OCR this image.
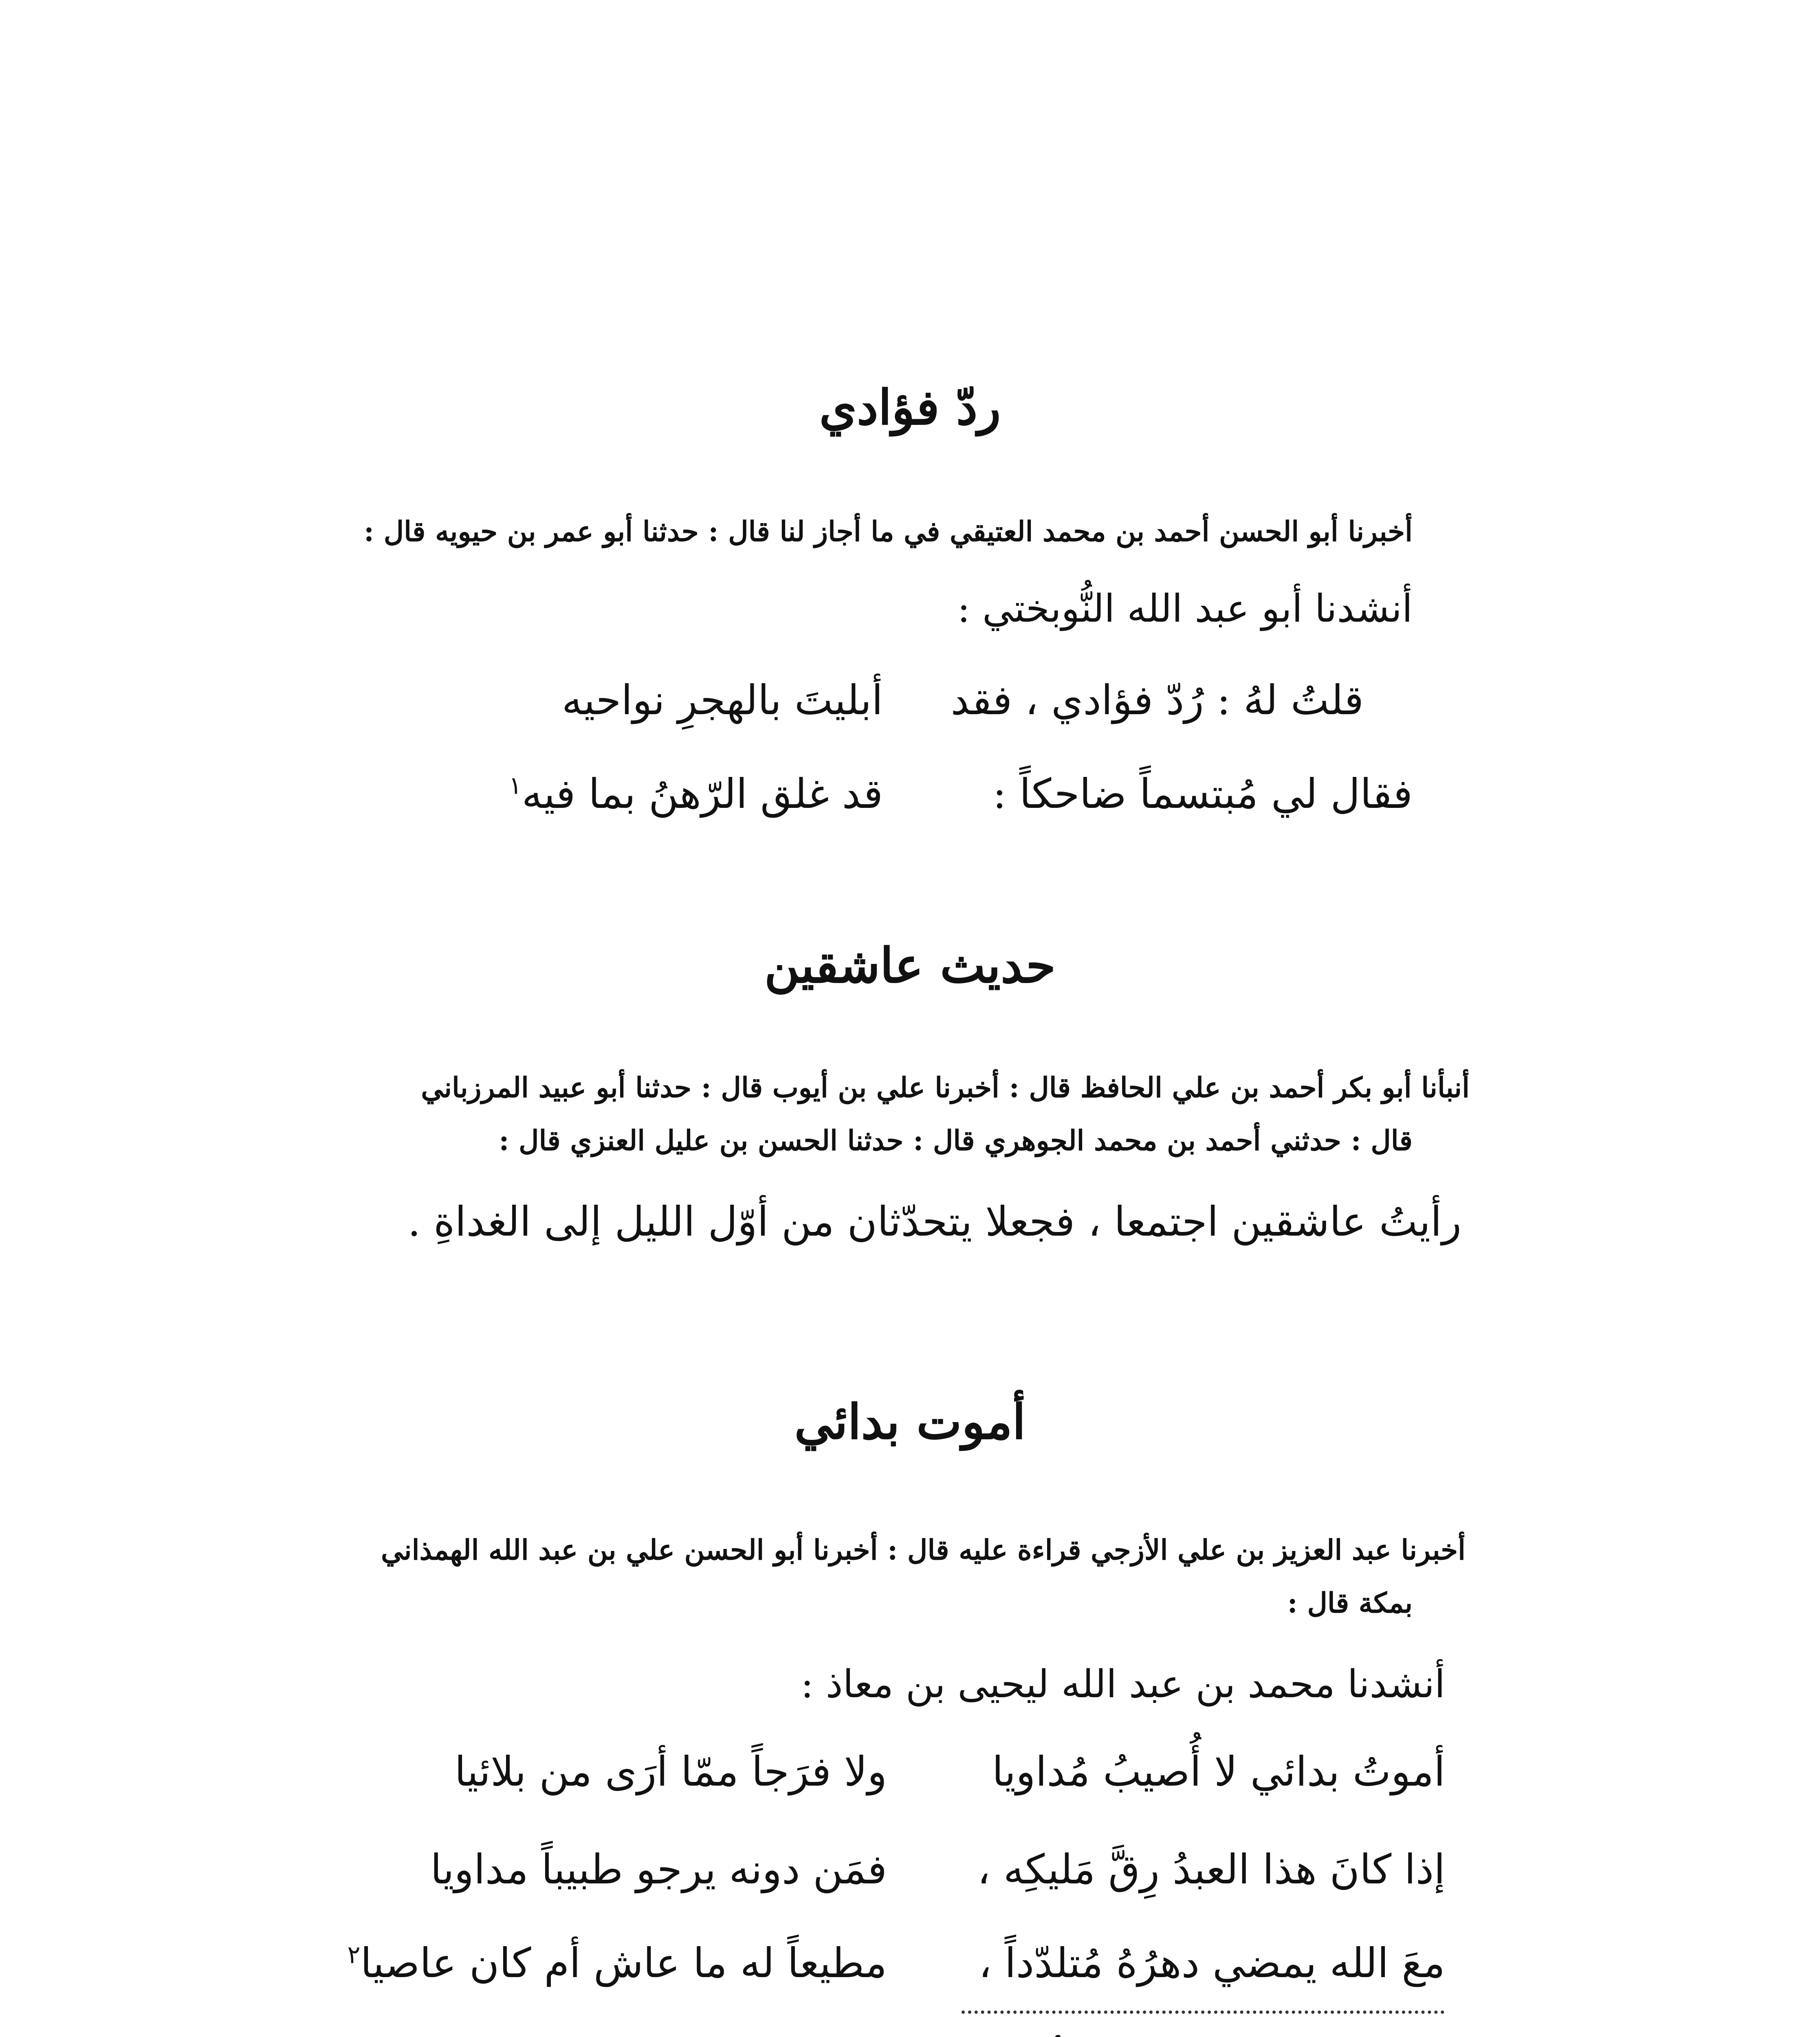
ردّ فؤادي
أخبرنا أبو الحسن أحمد بن محمد العتيقي في ما أجاز لنا قال : حدثنا أبو عمر بن حيويه قال :
أنشدنا أبو عبد الله النُّوبختي :
قلتُ لهُ : رُدّ فؤادي ، فقد
أبليتَ بالهجرِ نواحيه
فقال لي مُبتسماً ضاحكاً :
قد غلق الرّهنُ بما فيه$^١$
حديث عاشقين
أنبأنا أبو بكر أحمد بن علي الحافظ قال : أخبرنا علي بن أيوب قال : حدثنا أبو عبيد المرزباني
قال : حدثني أحمد بن محمد الجوهري قال : حدثنا الحسن بن عليل العنزي قال :
رأيتُ عاشقين اجتمعا ، فجعلا يتحدّثان من أوّل الليل إلى الغداةِ .
أموت بدائي
أخبرنا عبد العزيز بن علي الأزجي قراءة عليه قال : أخبرنا أبو الحسن علي بن عبد الله الهمذاني
بمكة قال :
أنشدنا محمد بن عبد الله ليحيى بن معاذ :
أموتُ بدائي لا أُصيبُ مُداويا
ولا فرَجاً ممّا أرَى من بلائيا
إذا كانَ هذا العبدُ رِقَّ مَليكِه ،
فمَن دونه يرجو طبيباً مداويا
معَ الله يمضي دهرُهُ مُتلدّداً ،
مطيعاً له ما عاش أم كان عاصيا$^٢$
